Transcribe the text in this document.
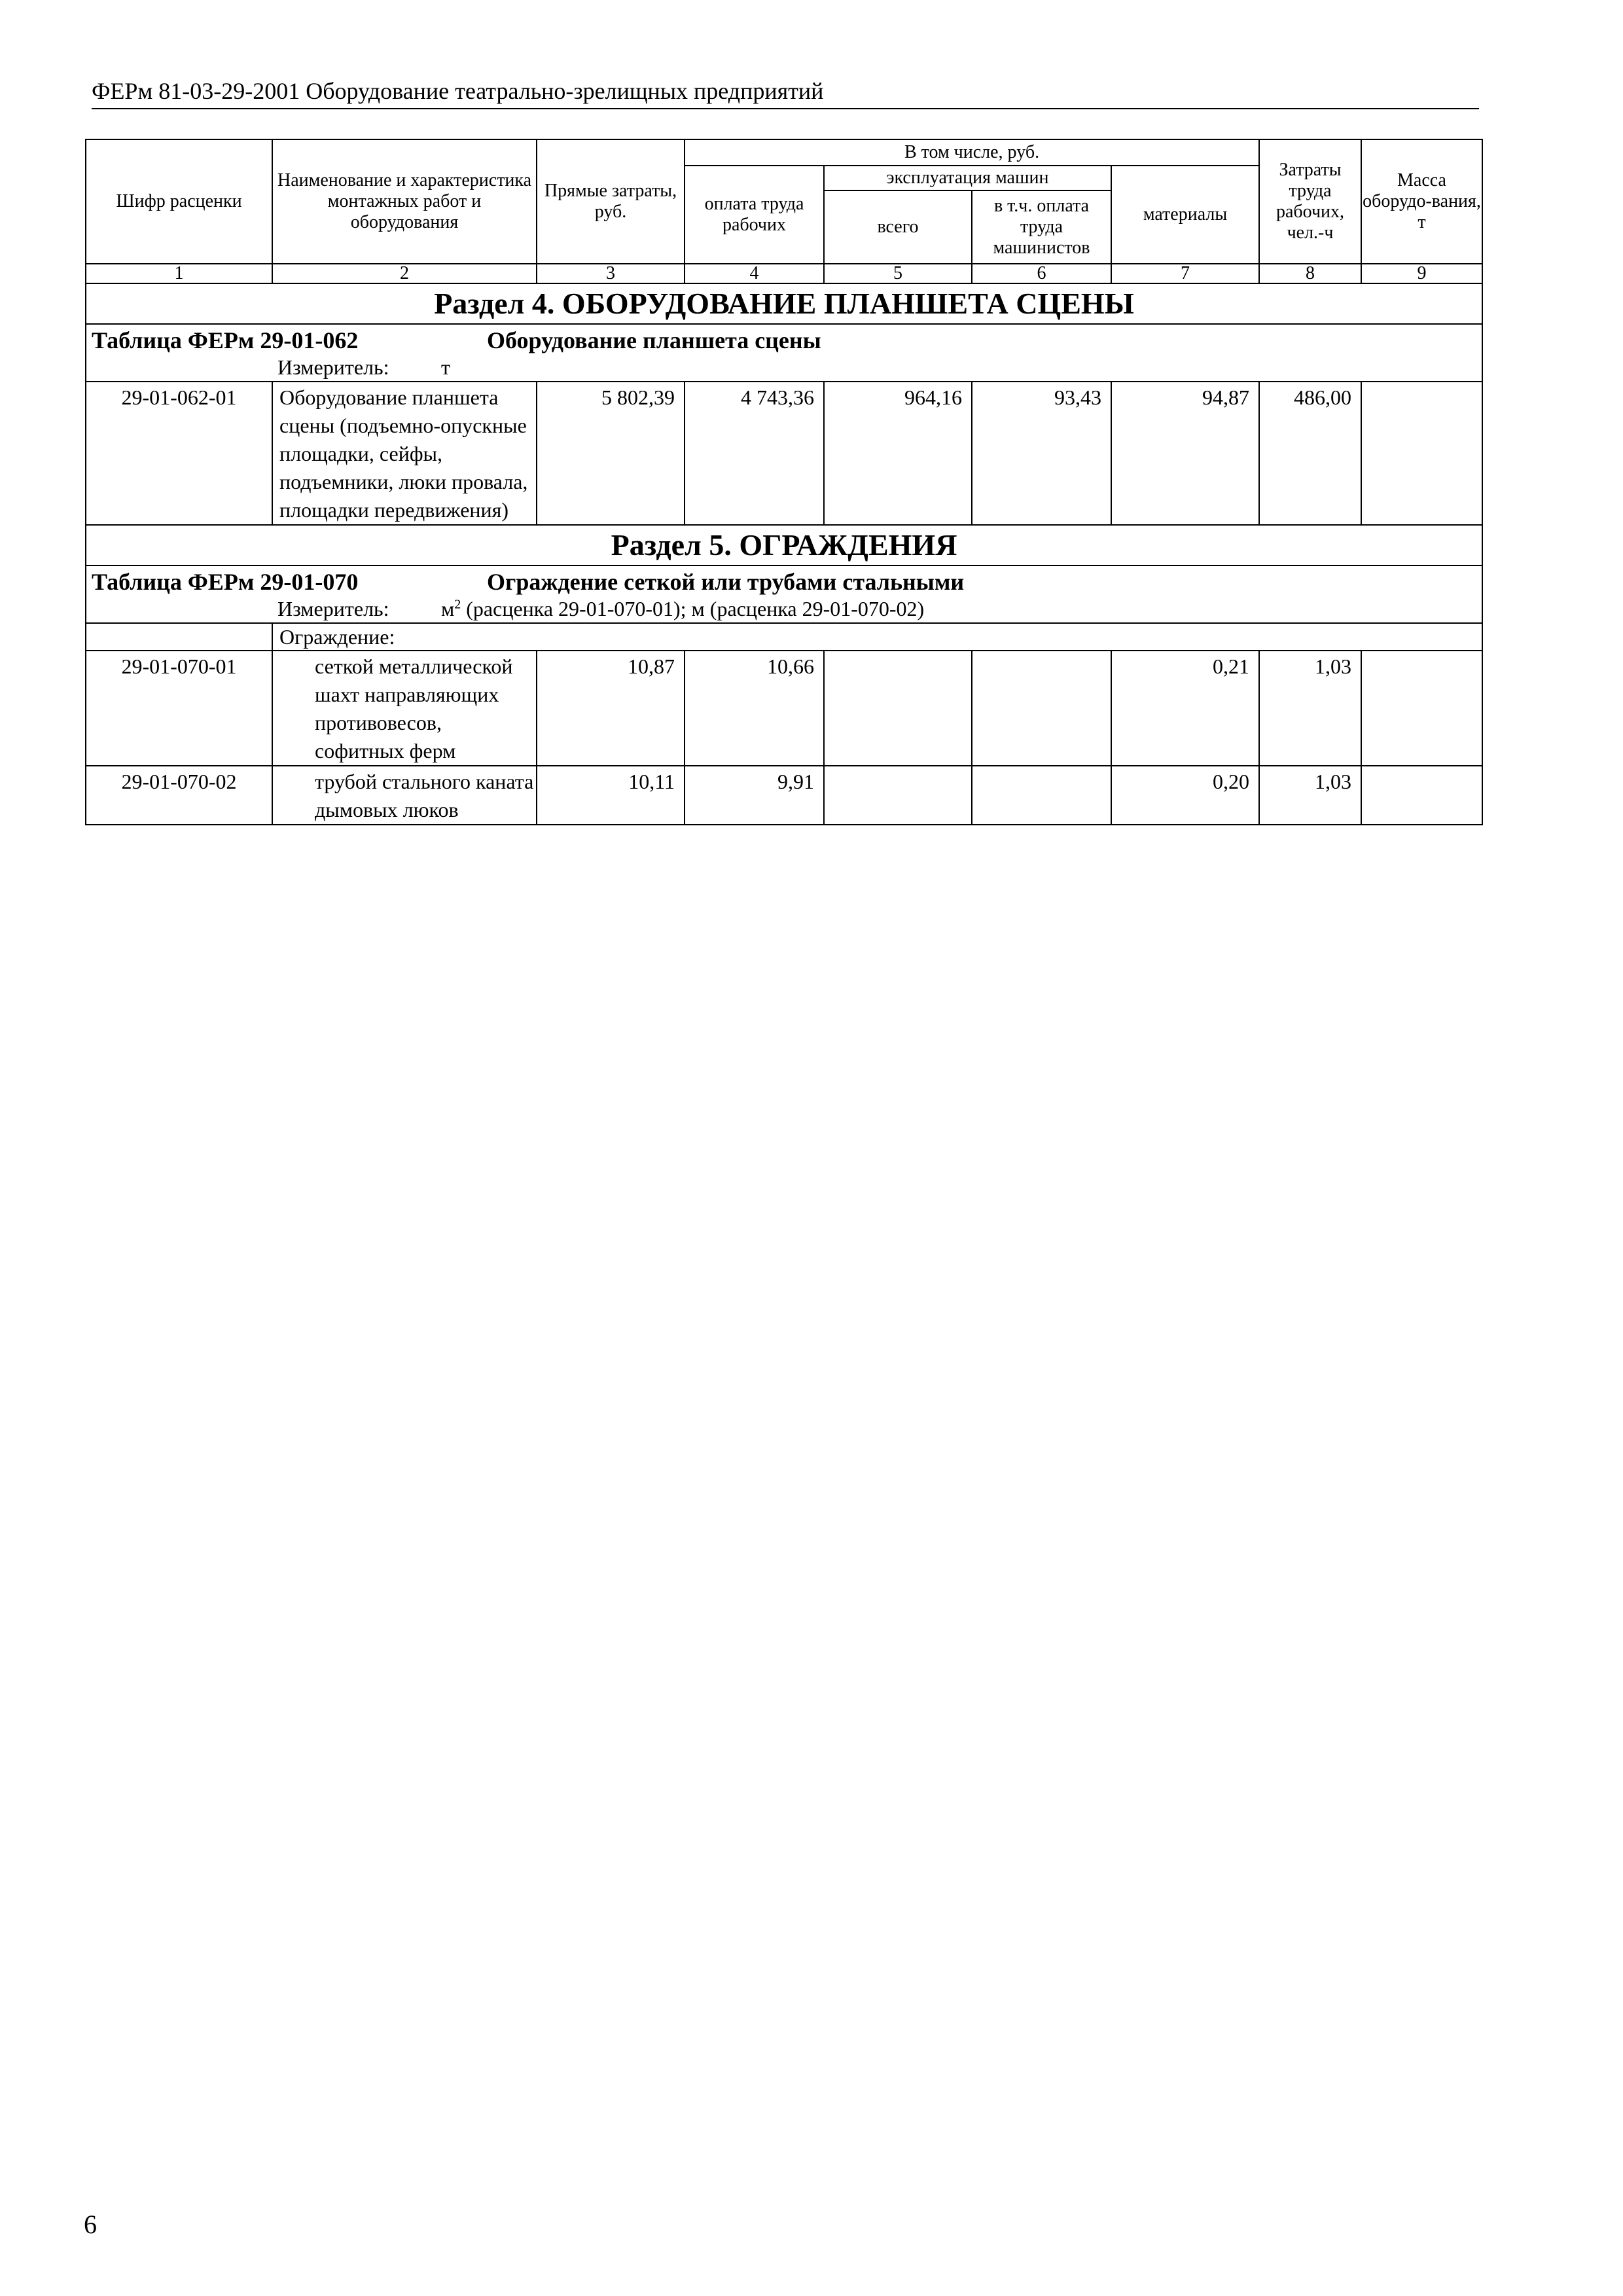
ФЕРм 81-03-29-2001 Оборудование театрально-зрелищных предприятий
Шифр расценки	Наименование и характеристика монтажных работ и оборудования	Прямые затраты, руб.	В том числе, руб.				Затраты труда рабочих, чел.-ч	Масса оборудо-вания, т
			оплата труда рабочих	эксплуатация машин		материалы		
				всего	в т.ч. оплата труда машинистов			
1	2	3	4	5	6	7	8	9
Раздел 4. ОБОРУДОВАНИЕ ПЛАНШЕТА СЦЕНЫ								

Таблица ФЕРм 29-01-062 Оборудование планшета сцены
Измеритель: т								

29-01-062-01	Оборудование планшета сцены (подъемно-опускные площадки, сейфы, подъемники, люки провала, площадки передвижения)	5 802,39	4 743,36	964,16	93,43	94,87	486,00	
Раздел 5. ОГРАЖДЕНИЯ								

Таблица ФЕРм 29-01-070 Ограждение сеткой или трубами стальными
Измеритель: $м^2$ (расценка 29-01-070-01); м (расценка 29-01-070-02)								

	Ограждение:							
29-01-070-01	сеткой металлической шахт направляющих противовесов, софитных ферм	10,87	10,66			0,21	1,03	
29-01-070-02	трубой стального каната дымовых люков	10,11	9,91			0,20	1,03	
6
